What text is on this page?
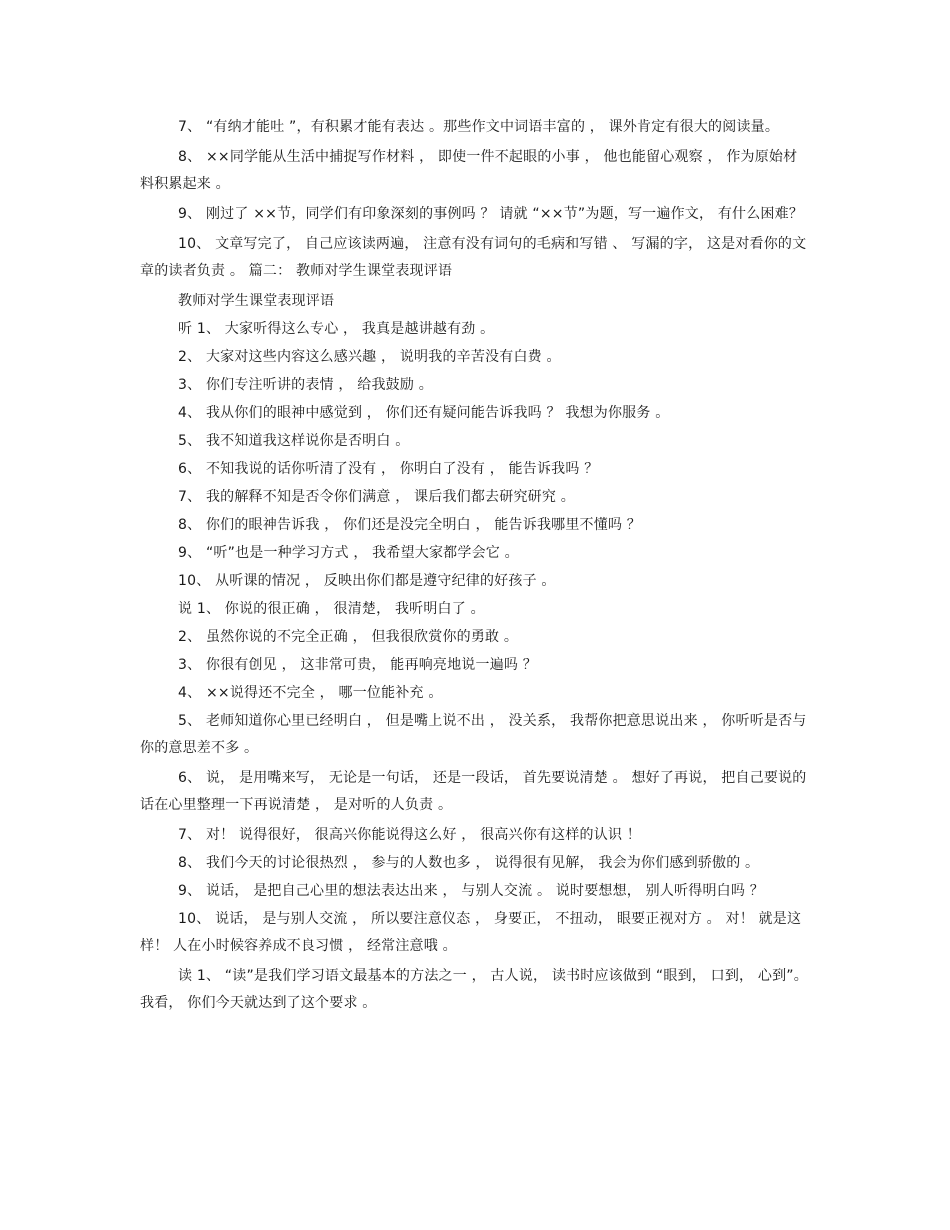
7、 “有纳才能吐 ”，有积累才能有表达 。那些作文中词语丰富的 ， 课外肯定有很大的阅读量。

8、 ××同学能从生活中捕捉写作材料 ， 即使一件不起眼的小事 ， 他也能留心观察 ， 作为原始材料积累起来 。

9、 刚过了 ××节，同学们有印象深刻的事例吗 ？ 请就 “××节”为题，写一遍作文， 有什么困难？

10、 文章写完了， 自己应该读两遍， 注意有没有词句的毛病和写错 、 写漏的字， 这是对看你的文章的读者负责 。 篇二： 教师对学生课堂表现评语

教师对学生课堂表现评语

听 1、 大家听得这么专心 ， 我真是越讲越有劲 。

2、 大家对这些内容这么感兴趣 ， 说明我的辛苦没有白费 。

3、 你们专注听讲的表情 ， 给我鼓励 。

4、 我从你们的眼神中感觉到 ， 你们还有疑问能告诉我吗 ？ 我想为你服务 。

5、 我不知道我这样说你是否明白 。

6、 不知我说的话你听清了没有 ， 你明白了没有 ， 能告诉我吗 ？

7、 我的解释不知是否令你们满意 ， 课后我们都去研究研究 。

8、 你们的眼神告诉我 ， 你们还是没完全明白 ， 能告诉我哪里不懂吗 ？

9、 “听”也是一种学习方式 ， 我希望大家都学会它 。

10、 从听课的情况 ， 反映出你们都是遵守纪律的好孩子 。

说 1、 你说的很正确 ， 很清楚， 我听明白了 。

2、 虽然你说的不完全正确 ， 但我很欣赏你的勇敢 。

3、 你很有创见 ， 这非常可贵， 能再响亮地说一遍吗 ？

4、 ××说得还不完全 ， 哪一位能补充 。

5、 老师知道你心里已经明白 ， 但是嘴上说不出 ， 没关系， 我帮你把意思说出来 ， 你听听是否与你的意思差不多 。

6、 说， 是用嘴来写， 无论是一句话， 还是一段话， 首先要说清楚 。 想好了再说， 把自己要说的话在心里整理一下再说清楚 ， 是对听的人负责 。

7、 对！ 说得很好， 很高兴你能说得这么好 ， 很高兴你有这样的认识 ！

8、 我们今天的讨论很热烈 ， 参与的人数也多 ， 说得很有见解， 我会为你们感到骄傲的 。

9、 说话， 是把自己心里的想法表达出来 ， 与别人交流 。 说时要想想， 别人听得明白吗 ？

10、 说话， 是与别人交流 ， 所以要注意仪态 ， 身要正， 不扭动， 眼要正视对方 。 对！ 就是这样！ 人在小时候容养成不良习惯 ， 经常注意哦 。

读 1、 “读”是我们学习语文最基本的方法之一 ， 古人说， 读书时应该做到 “眼到， 口到， 心到”。 我看， 你们今天就达到了这个要求 。
